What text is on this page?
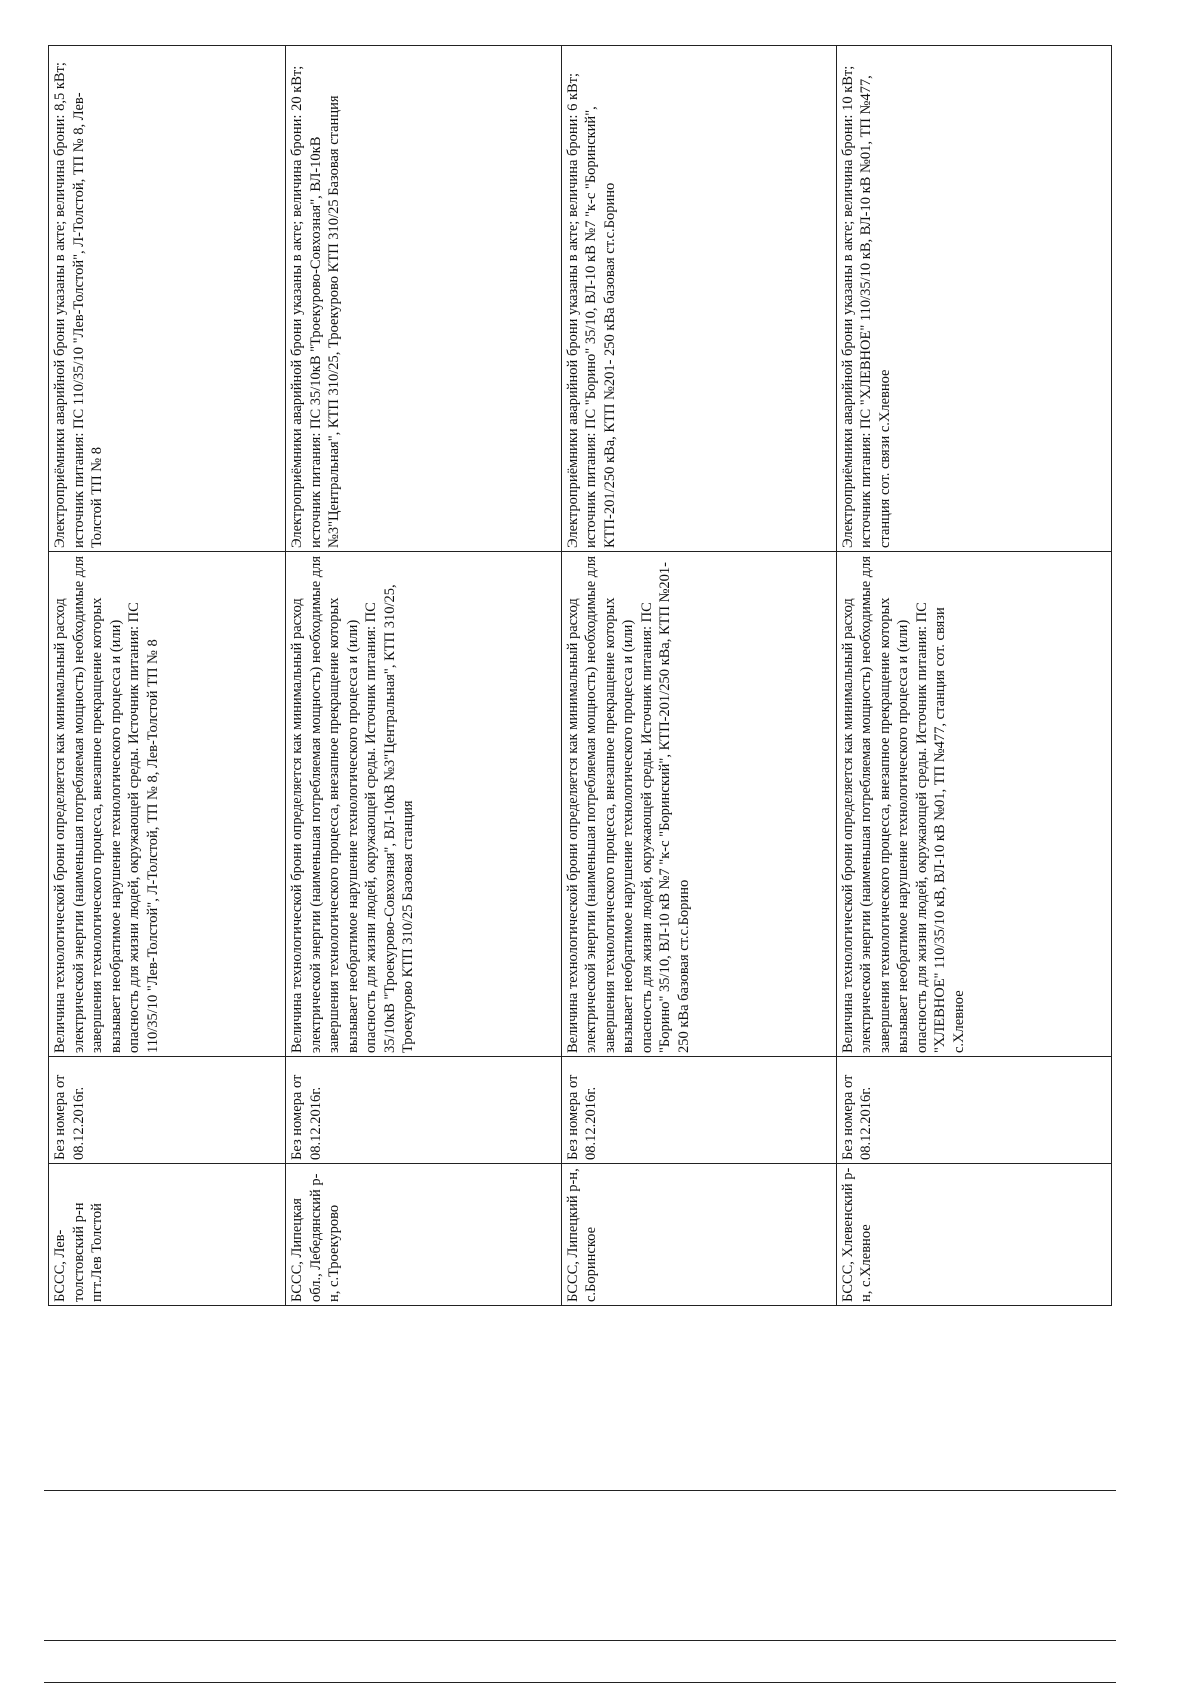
БССС, Лев-толстовский р-н пгт.Лев Толстой	Без номера от 08.12.2016г.	Величина технологической брони определяется как минимальный расход электрической энергии (наименьшая потребляемая мощность) необходимые для завершения технологического процесса, внезапное прекращение которых вызывает необратимое нарушение технологического процесса и (или) опасность для жизни людей, окружающей среды. Источник питания: ПС 110/35/10 "Лев-Толстой", Л-Толстой, ТП № 8, Лев-Толстой ТП № 8	Электроприёмники аварийной брони указаны в акте; величина брони: 8,5 кВт; источник питания: ПС 110/35/10 "Лев-Толстой", Л-Толстой, ТП № 8, Лев-Толстой ТП № 8
БССС, Липецкая обл., Лебедянский р-н, с.Троекурово	Без номера от 08.12.2016г.	Величина технологической брони определяется как минимальный расход электрической энергии (наименьшая потребляемая мощность) необходимые для завершения технологического процесса, внезапное прекращение которых вызывает необратимое нарушение технологического процесса и (или) опасность для жизни людей, окружающей среды. Источник питания: ПС 35/10кВ "Троекурово-Совхозная", ВЛ-10кВ №3"Центральная", КТП 310/25, Троекурово КТП 310/25 Базовая станция	Электроприёмники аварийной брони указаны в акте; величина брони: 20 кВт; источник питания: ПС 35/10кВ "Троекурово-Совхозная", ВЛ-10кВ №3"Центральная", КТП 310/25, Троекурово КТП 310/25 Базовая станция
БССС, Липецкий р-н, с.Боринское	Без номера от 08.12.2016г.	Величина технологической брони определяется как минимальный расход электрической энергии (наименьшая потребляемая мощность) необходимые для завершения технологического процесса, внезапное прекращение которых вызывает необратимое нарушение технологического процесса и (или) опасность для жизни людей, окружающей среды. Источник питания: ПС "Борино" 35/10, ВЛ-10 кВ №7 "к-с "Боринский", КТП-201/250 кВа, КТП №201- 250 кВа базовая ст.с.Борино	Электроприёмники аварийной брони указаны в акте; величина брони: 6 кВт; источник питания: ПС "Борино" 35/10, ВЛ-10 кВ №7 "к-с "Боринский", КТП-201/250 кВа, КТП №201- 250 кВа базовая ст.с.Борино
БССС, Хлевенский р-н, с.Хлевное	Без номера от 08.12.2016г.	Величина технологической брони определяется как минимальный расход электрической энергии (наименьшая потребляемая мощность) необходимые для завершения технологического процесса, внезапное прекращение которых вызывает необратимое нарушение технологического процесса и (или) опасность для жизни людей, окружающей среды. Источник питания: ПС "ХЛЕВНОЕ" 110/35/10 кВ, ВЛ-10 кВ №01, ТП №477, станция сот. связи с.Хлевное	Электроприёмники аварийной брони указаны в акте; величина брони: 10 кВт; источник питания: ПС "ХЛЕВНОЕ" 110/35/10 кВ, ВЛ-10 кВ №01, ТП №477, станция сот. связи с.Хлевное
